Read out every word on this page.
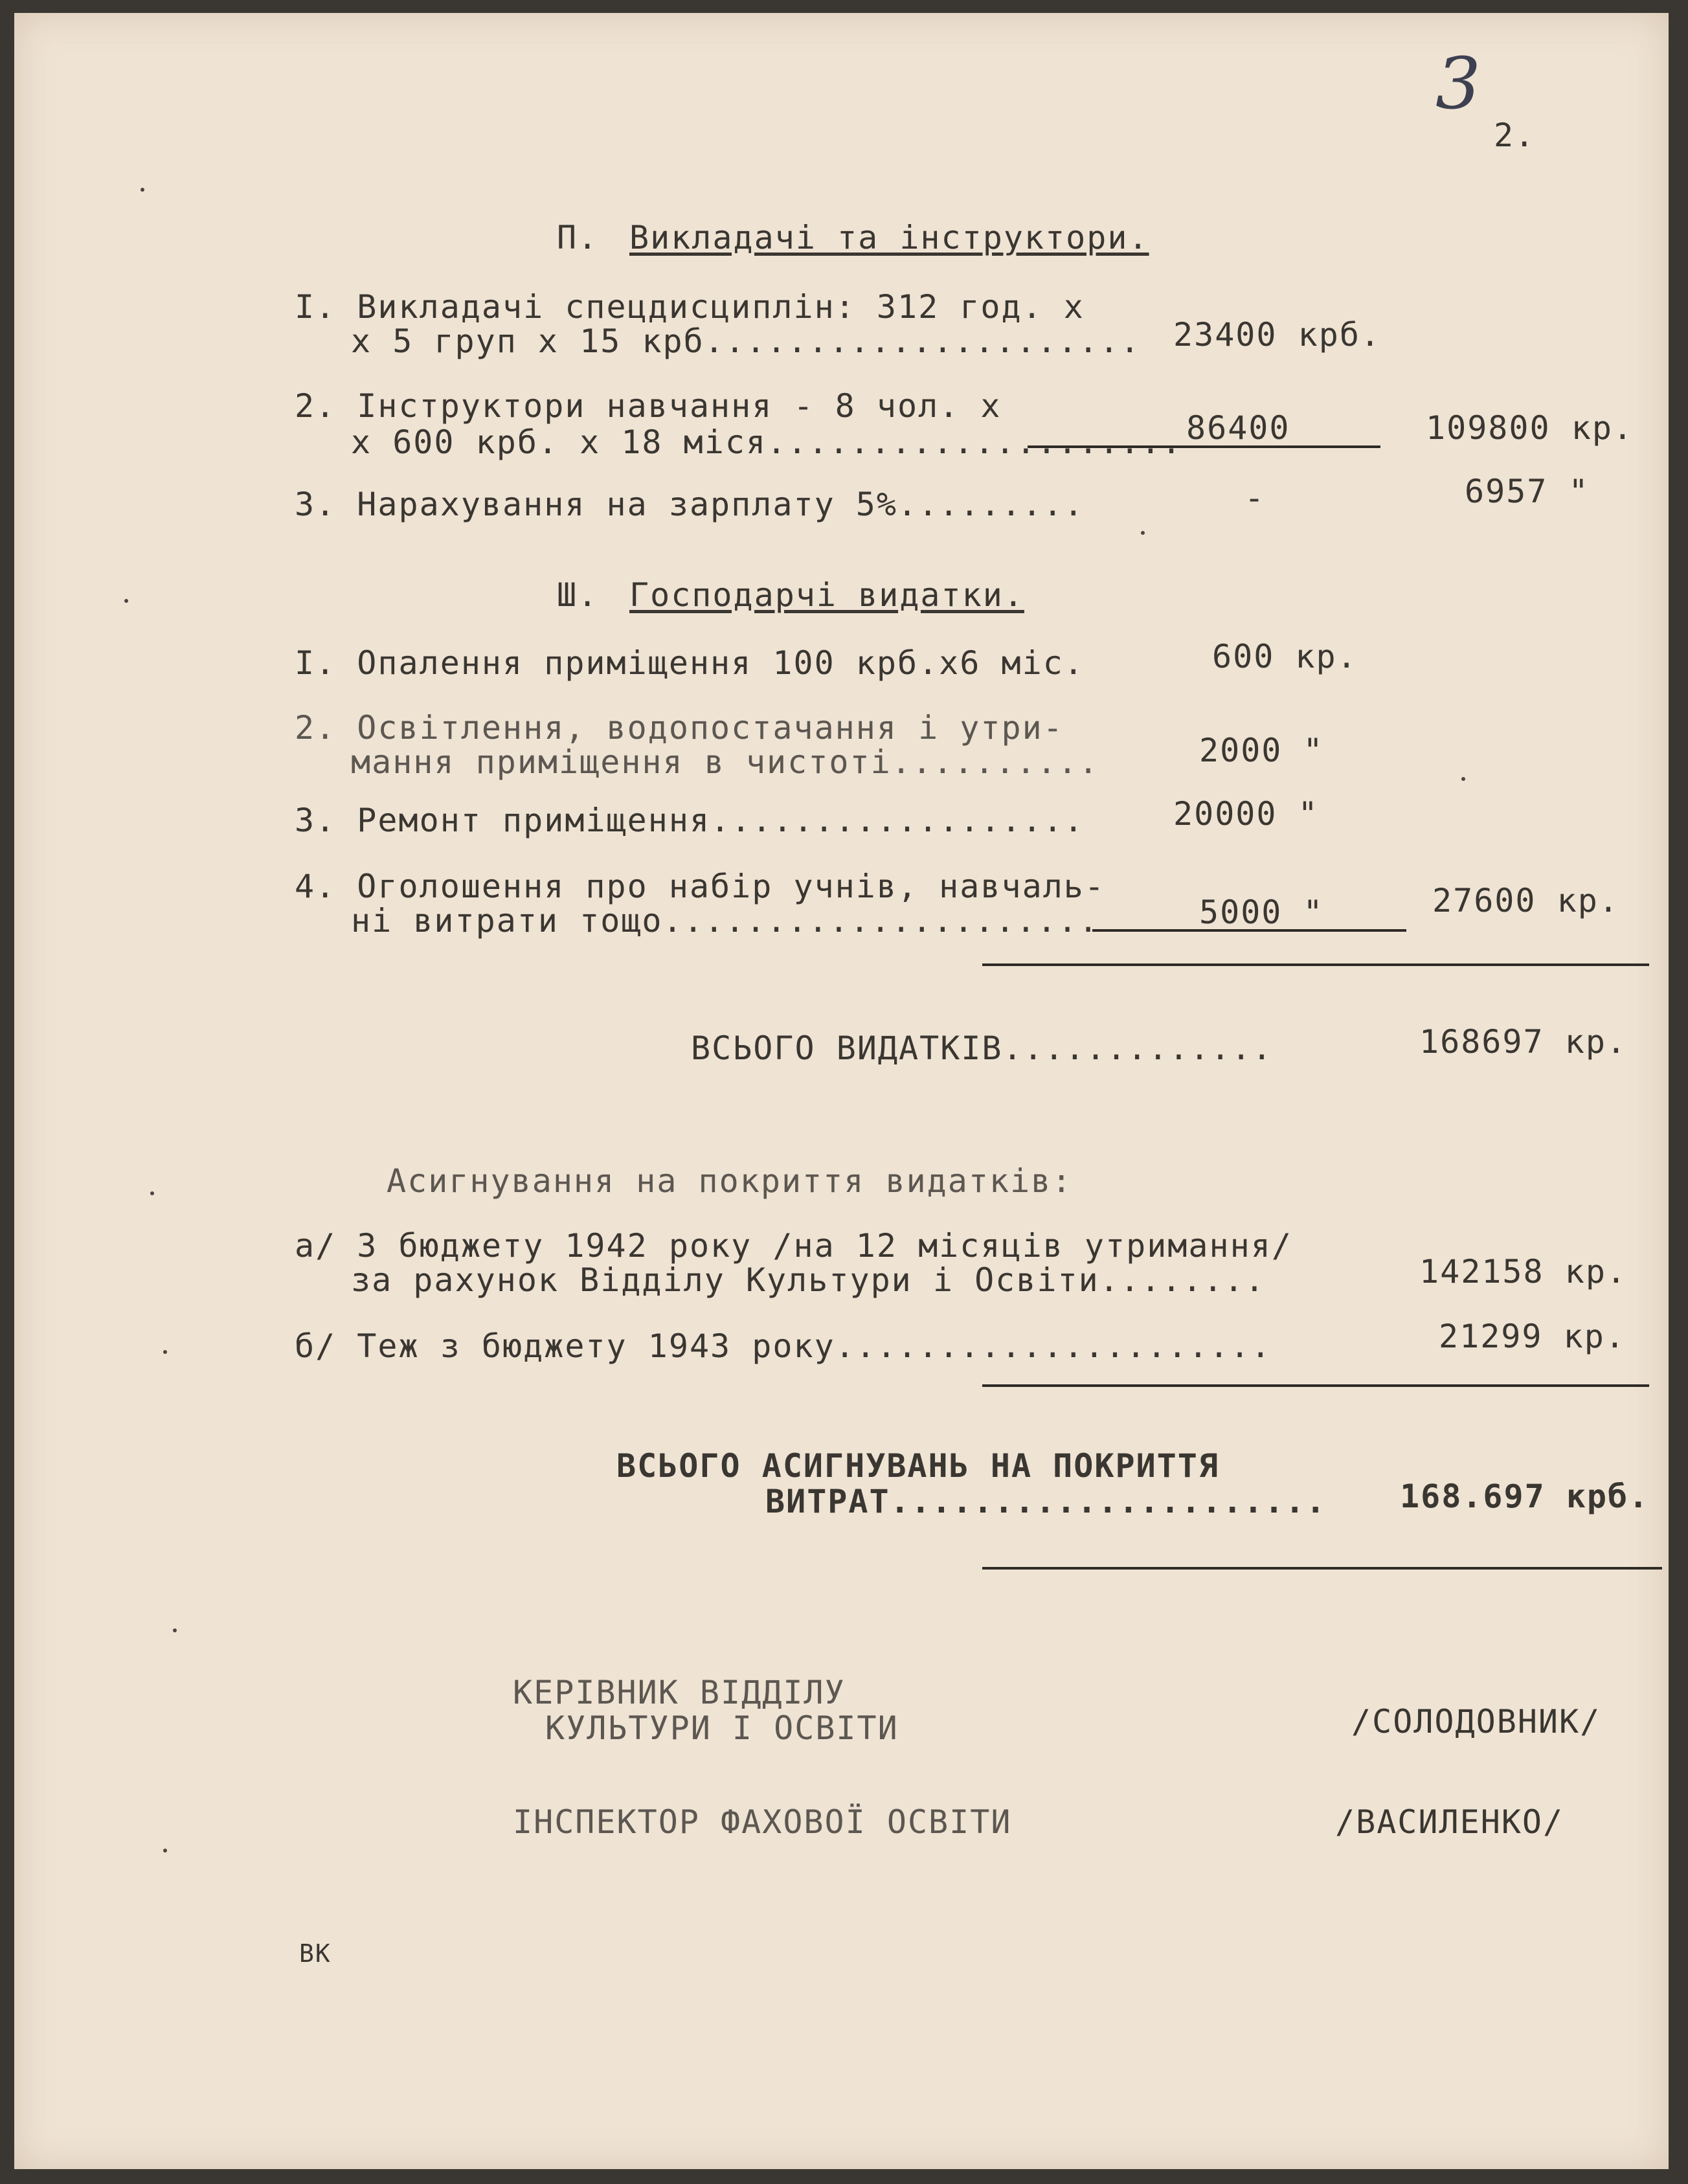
3
2.
П. Викладачі та інструктори.
І. Викладачі спецдисциплін: 312 год. х
х 5 груп х 15 крб..................... 23400 крб.
2. Інструктори навчання - 8 чол. х
х 600 крб. х 18 міся.................... 86400	109800 кр.
3. Нарахування на зарплату 5%.........	-	6957 "
Ш. Господарчі видатки.
І. Опалення приміщення 100 крб.х6 міс.	600 кр.
2. Освітлення, водопостачання і утри-
мання приміщення в чистоті..........	2000 "
3. Ремонт приміщення..................	20000 "
4. Оголошення про набір учнів, навчаль-
ні витрати тощо.....................	5000 "	27600 кр.
ВСЬОГО ВИДАТКІВ.............	168697 кр.
Асигнування на покриття видатків:
а/ З бюджету 1942 року /на 12 місяців утримання/
за рахунок Відділу Культури і Освіти........	142158 кр.
б/ Теж з бюджету 1943 року.....................	21299 кр.
ВСЬОГО АСИГНУВАНЬ НА ПОКРИТТЯ
ВИТРАТ..................... 168.697 крб.
КЕРІВНИК ВІДДІЛУ
КУЛЬТУРИ І ОСВІТИ	/СОЛОДОВНИК/
ІНСПЕКТОР ФАХОВОЇ ОСВІТИ	/ВАСИЛЕНКО/
ВК
